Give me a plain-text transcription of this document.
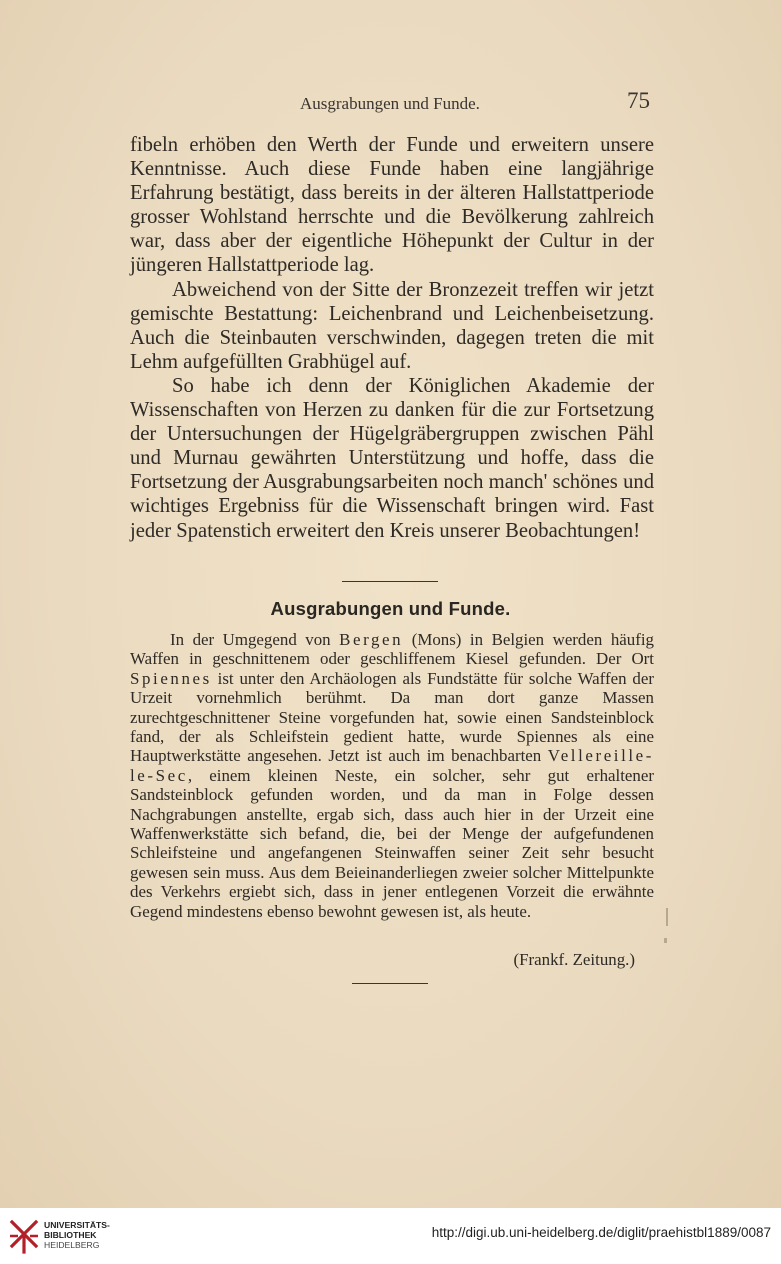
Ausgrabungen und Funde.	75

fibeln erhöben den Werth der Funde und erweitern unsere Kenntnisse. Auch diese Funde haben eine langjährige Erfahrung bestätigt, dass bereits in der älteren Hallstattperiode grosser Wohlstand herrschte und die Bevölkerung zahlreich war, dass aber der eigentliche Höhepunkt der Cultur in der jüngeren Hallstattperiode lag.

Abweichend von der Sitte der Bronzezeit treffen wir jetzt gemischte Bestattung: Leichenbrand und Leichenbeisetzung. Auch die Steinbauten verschwinden, dagegen treten die mit Lehm aufgefüllten Grabhügel auf.

So habe ich denn der Königlichen Akademie der Wissenschaften von Herzen zu danken für die zur Fortsetzung der Untersuchungen der Hügelgräbergruppen zwischen Pähl und Murnau gewährten Unterstützung und hoffe, dass die Fortsetzung der Ausgrabungsarbeiten noch manch' schönes und wichtiges Ergebniss für die Wissenschaft bringen wird. Fast jeder Spatenstich erweitert den Kreis unserer Beobachtungen!

Ausgrabungen und Funde.

In der Umgegend von Bergen (Mons) in Belgien werden häufig Waffen in geschnittenem oder geschliffenem Kiesel gefunden. Der Ort Spiennes ist unter den Archäologen als Fundstätte für solche Waffen der Urzeit vornehmlich berühmt. Da man dort ganze Massen zurechtgeschnittener Steine vorgefunden hat, sowie einen Sandsteinblock fand, der als Schleifstein gedient hatte, wurde Spiennes als eine Hauptwerkstätte angesehen. Jetzt ist auch im benachbarten Vellereille-le-Sec, einem kleinen Neste, ein solcher, sehr gut erhaltener Sandsteinblock gefunden worden, und da man in Folge dessen Nachgrabungen anstellte, ergab sich, dass auch hier in der Urzeit eine Waffenwerkstätte sich befand, die, bei der Menge der aufgefundenen Schleifsteine und angefangenen Steinwaffen seiner Zeit sehr besucht gewesen sein muss. Aus dem Beieinanderliegen zweier solcher Mittelpunkte des Verkehrs ergiebt sich, dass in jener entlegenen Vorzeit die erwähnte Gegend mindestens ebenso bewohnt gewesen ist, als heute.

(Frankf. Zeitung.)
UNIVERSITÄTS-
BIBLIOTHEK
HEIDELBERG
http://digi.ub.uni-heidelberg.de/diglit/praehistbl1889/0087
